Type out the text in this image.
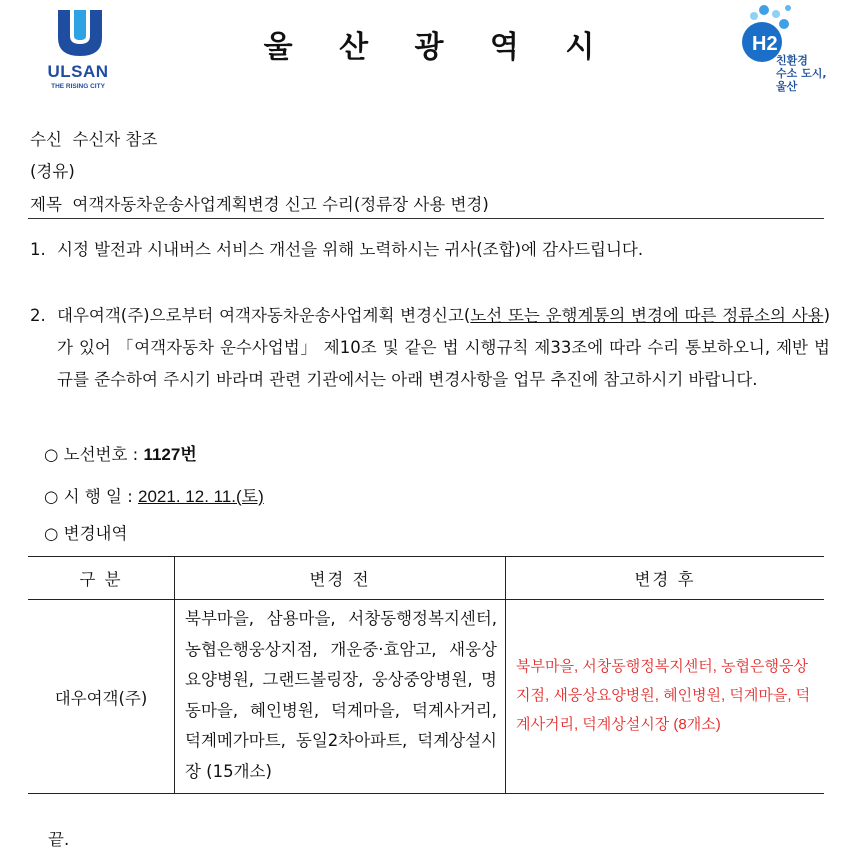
ULSAN
THE RISING CITY
울 산 광 역 시	H2
친환경
수소 도시,
울산
수신 수신자 참조
(경유)
제목 여객자동차운송사업계획변경 신고 수리(정류장 사용 변경)
1. 시정 발전과 시내버스 서비스 개선을 위해 노력하시는 귀사(조합)에 감사드립니다.
2. 대우여객(주)으로부터 여객자동차운송사업계획 변경신고(노선 또는 운행계통의 변경에 따른 정류소의 사용)가 있어 「여객자동차 운수사업법」 제10조 및 같은 법 시행규칙 제33조에 따라 수리 통보하오니, 제반 법규를 준수하여 주시기 바라며 관련 기관에서는 아래 변경사항을 업무 추진에 참고하시기 바랍니다.
○ 노선번호 : 1127번
○ 시 행 일 : 2021. 12. 11.(토)
○ 변경내역
구 분	변경 전	변경 후
대우여객(주)	북부마을, 삼용마을, 서창동행정복지센터, 농협은행웅상지점, 개운중·효암고, 새웅상요양병원, 그랜드볼링장, 웅상중앙병원, 명동마을, 혜인병원, 덕계마을, 덕계사거리, 덕계메가마트, 동일2차아파트, 덕계상설시장 (15개소)	북부마을, 서창동행정복지센터, 농협은행웅상지점, 새웅상요양병원, 혜인병원, 덕계마을, 덕계사거리, 덕계상설시장 (8개소)
끝.
